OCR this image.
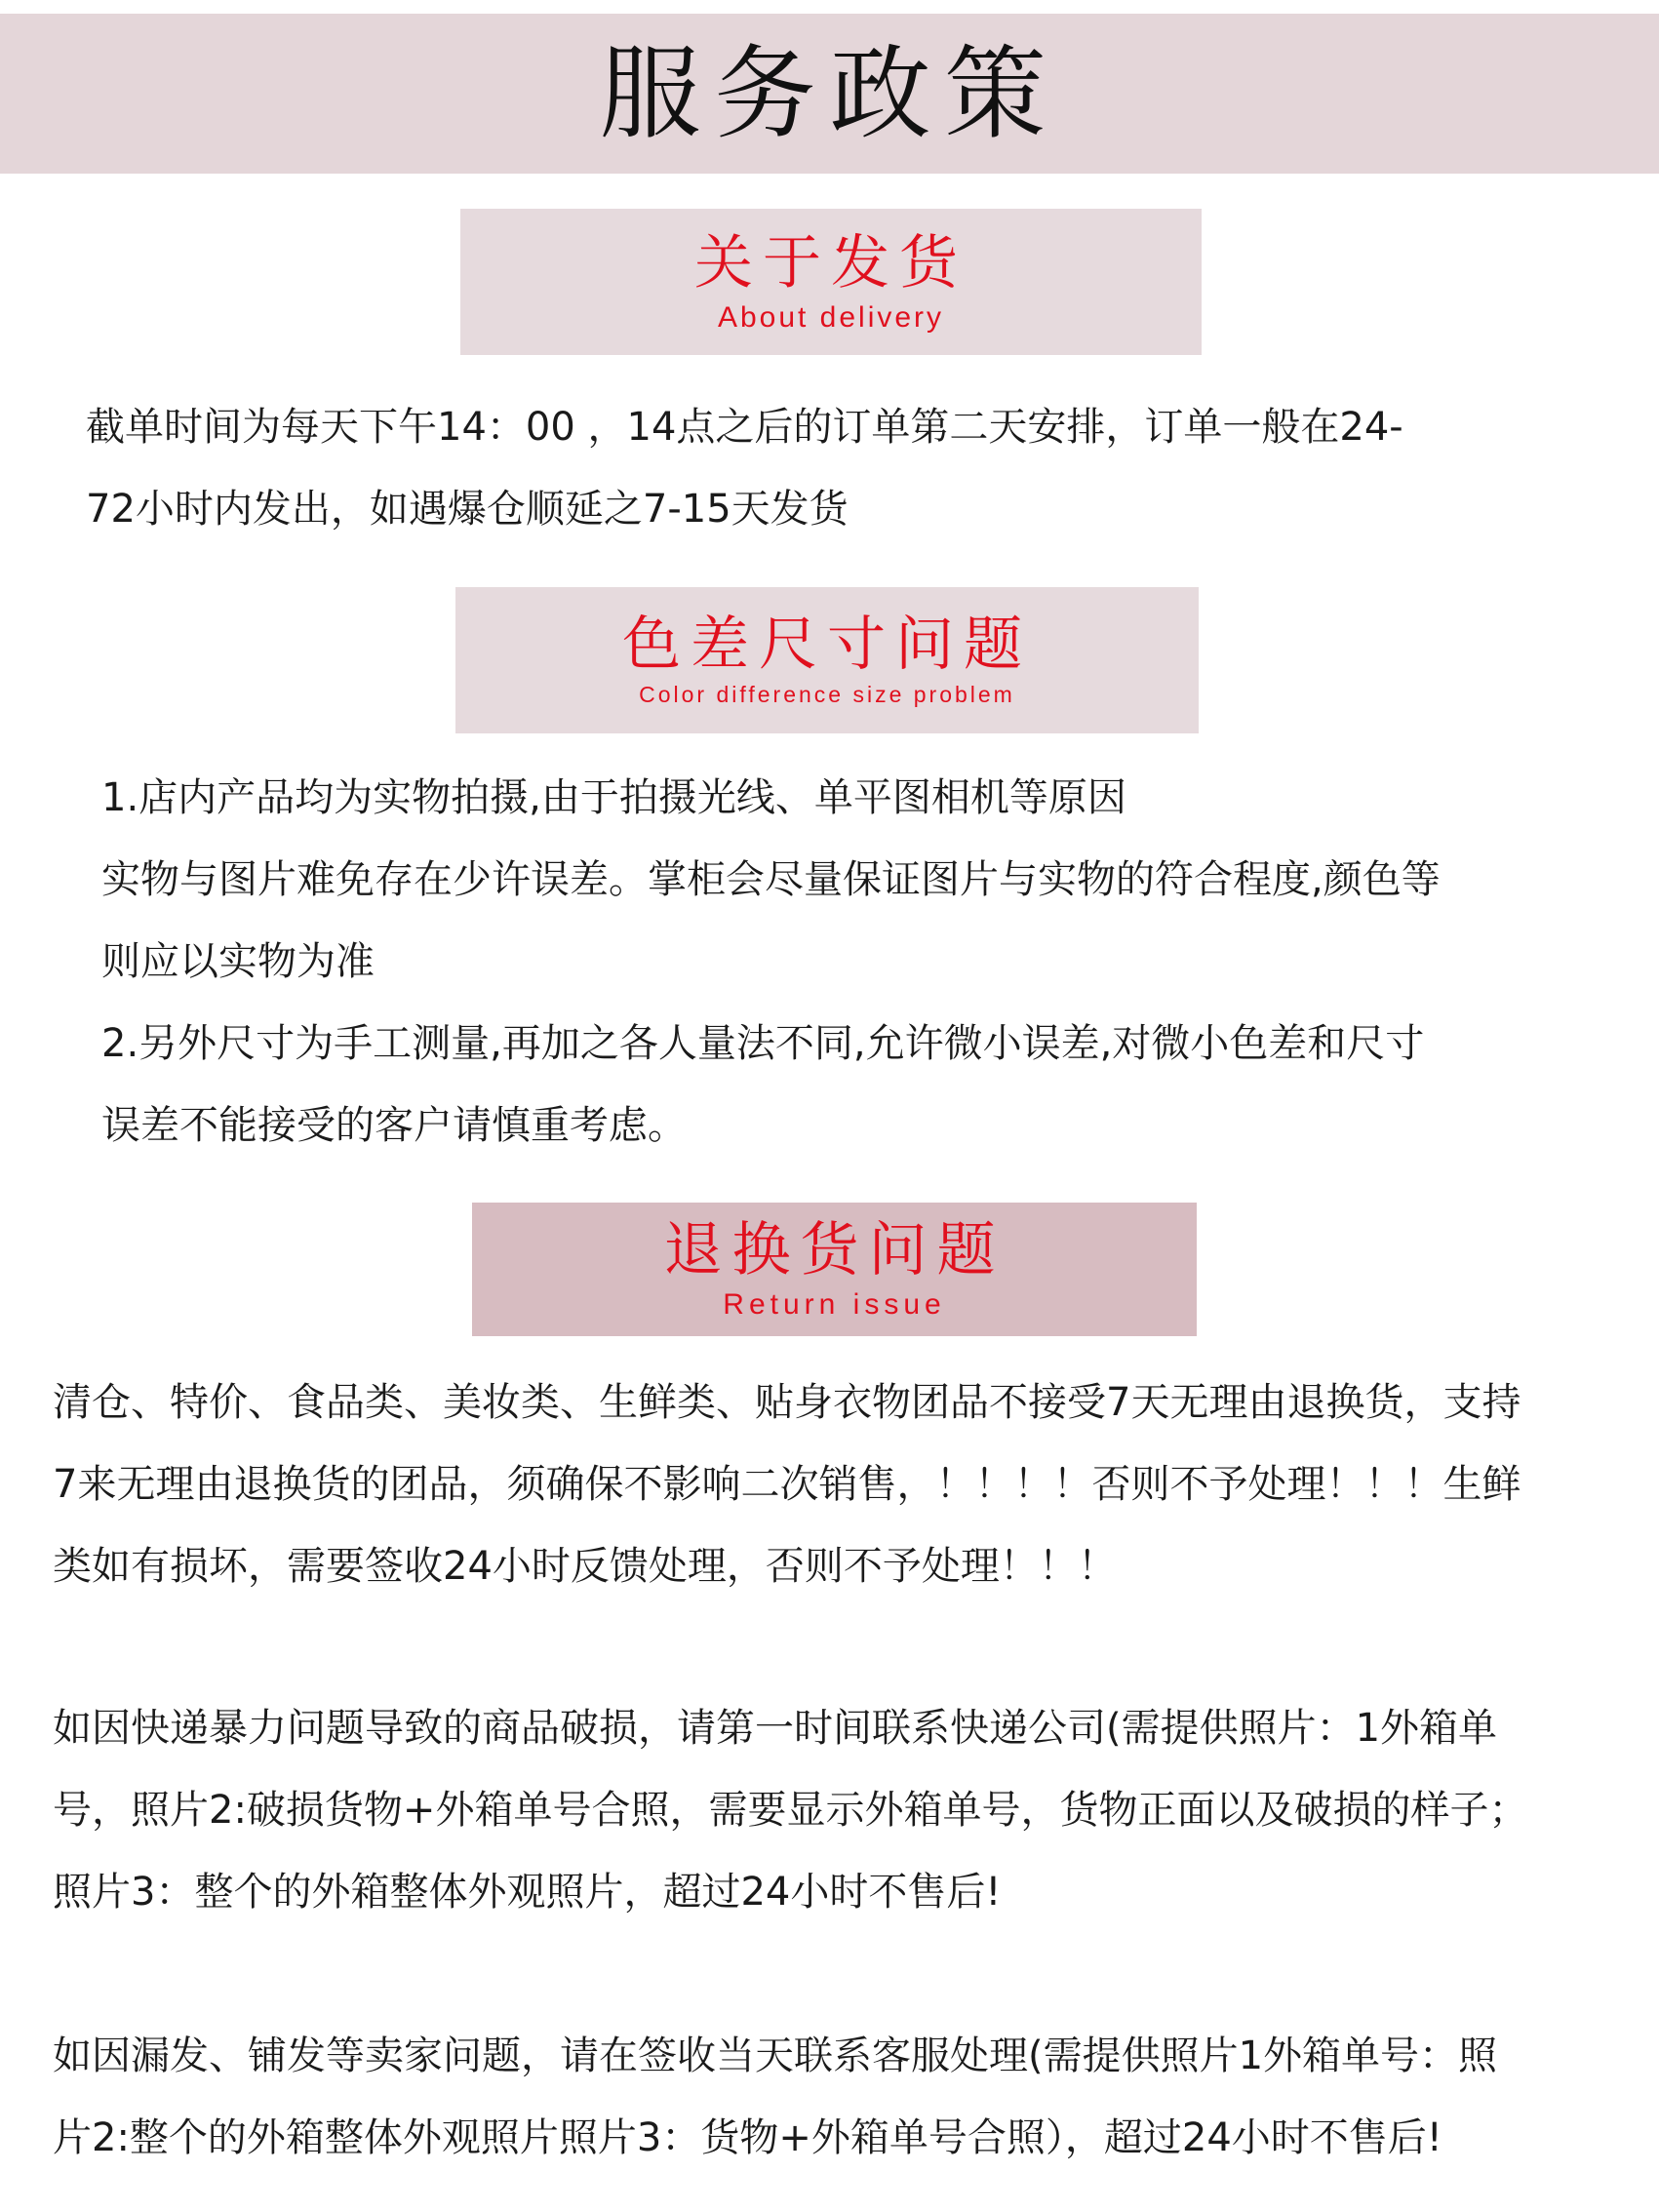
服务政策
关于发货
About delivery
截单时间为每天下午14：00 ，14点之后的订单第二天安排，订单一般在24-
72小时内发出，如遇爆仓顺延之7-15天发货
色差尺寸问题
Color difference size problem
1.店内产品均为实物拍摄,由于拍摄光线、单平图相机等原因
实物与图片难免存在少许误差。掌柜会尽量保证图片与实物的符合程度,颜色等
则应以实物为准
2.另外尺寸为手工测量,再加之各人量法不同,允许微小误差,对微小色差和尺寸
误差不能接受的客户请慎重考虑。
退换货问题
Return issue
清仓、特价、食品类、美妆类、生鲜类、贴身衣物团品不接受7天无理由退换货，支持
7来无理由退换货的团品，须确保不影响二次销售，！！！！否则不予处理！！！生鲜
类如有损坏，需要签收24小时反馈处理，否则不予处理！！！
如因快递暴力问题导致的商品破损，请第一时间联系快递公司(需提供照片：1外箱单
号，照片2:破损货物+外箱单号合照，需要显示外箱单号，货物正面以及破损的样子；
照片3：整个的外箱整体外观照片，超过24小时不售后!
如因漏发、铺发等卖家问题，请在签收当天联系客服处理(需提供照片1外箱单号：照
片2:整个的外箱整体外观照片照片3：货物+外箱单号合照），超过24小时不售后!
